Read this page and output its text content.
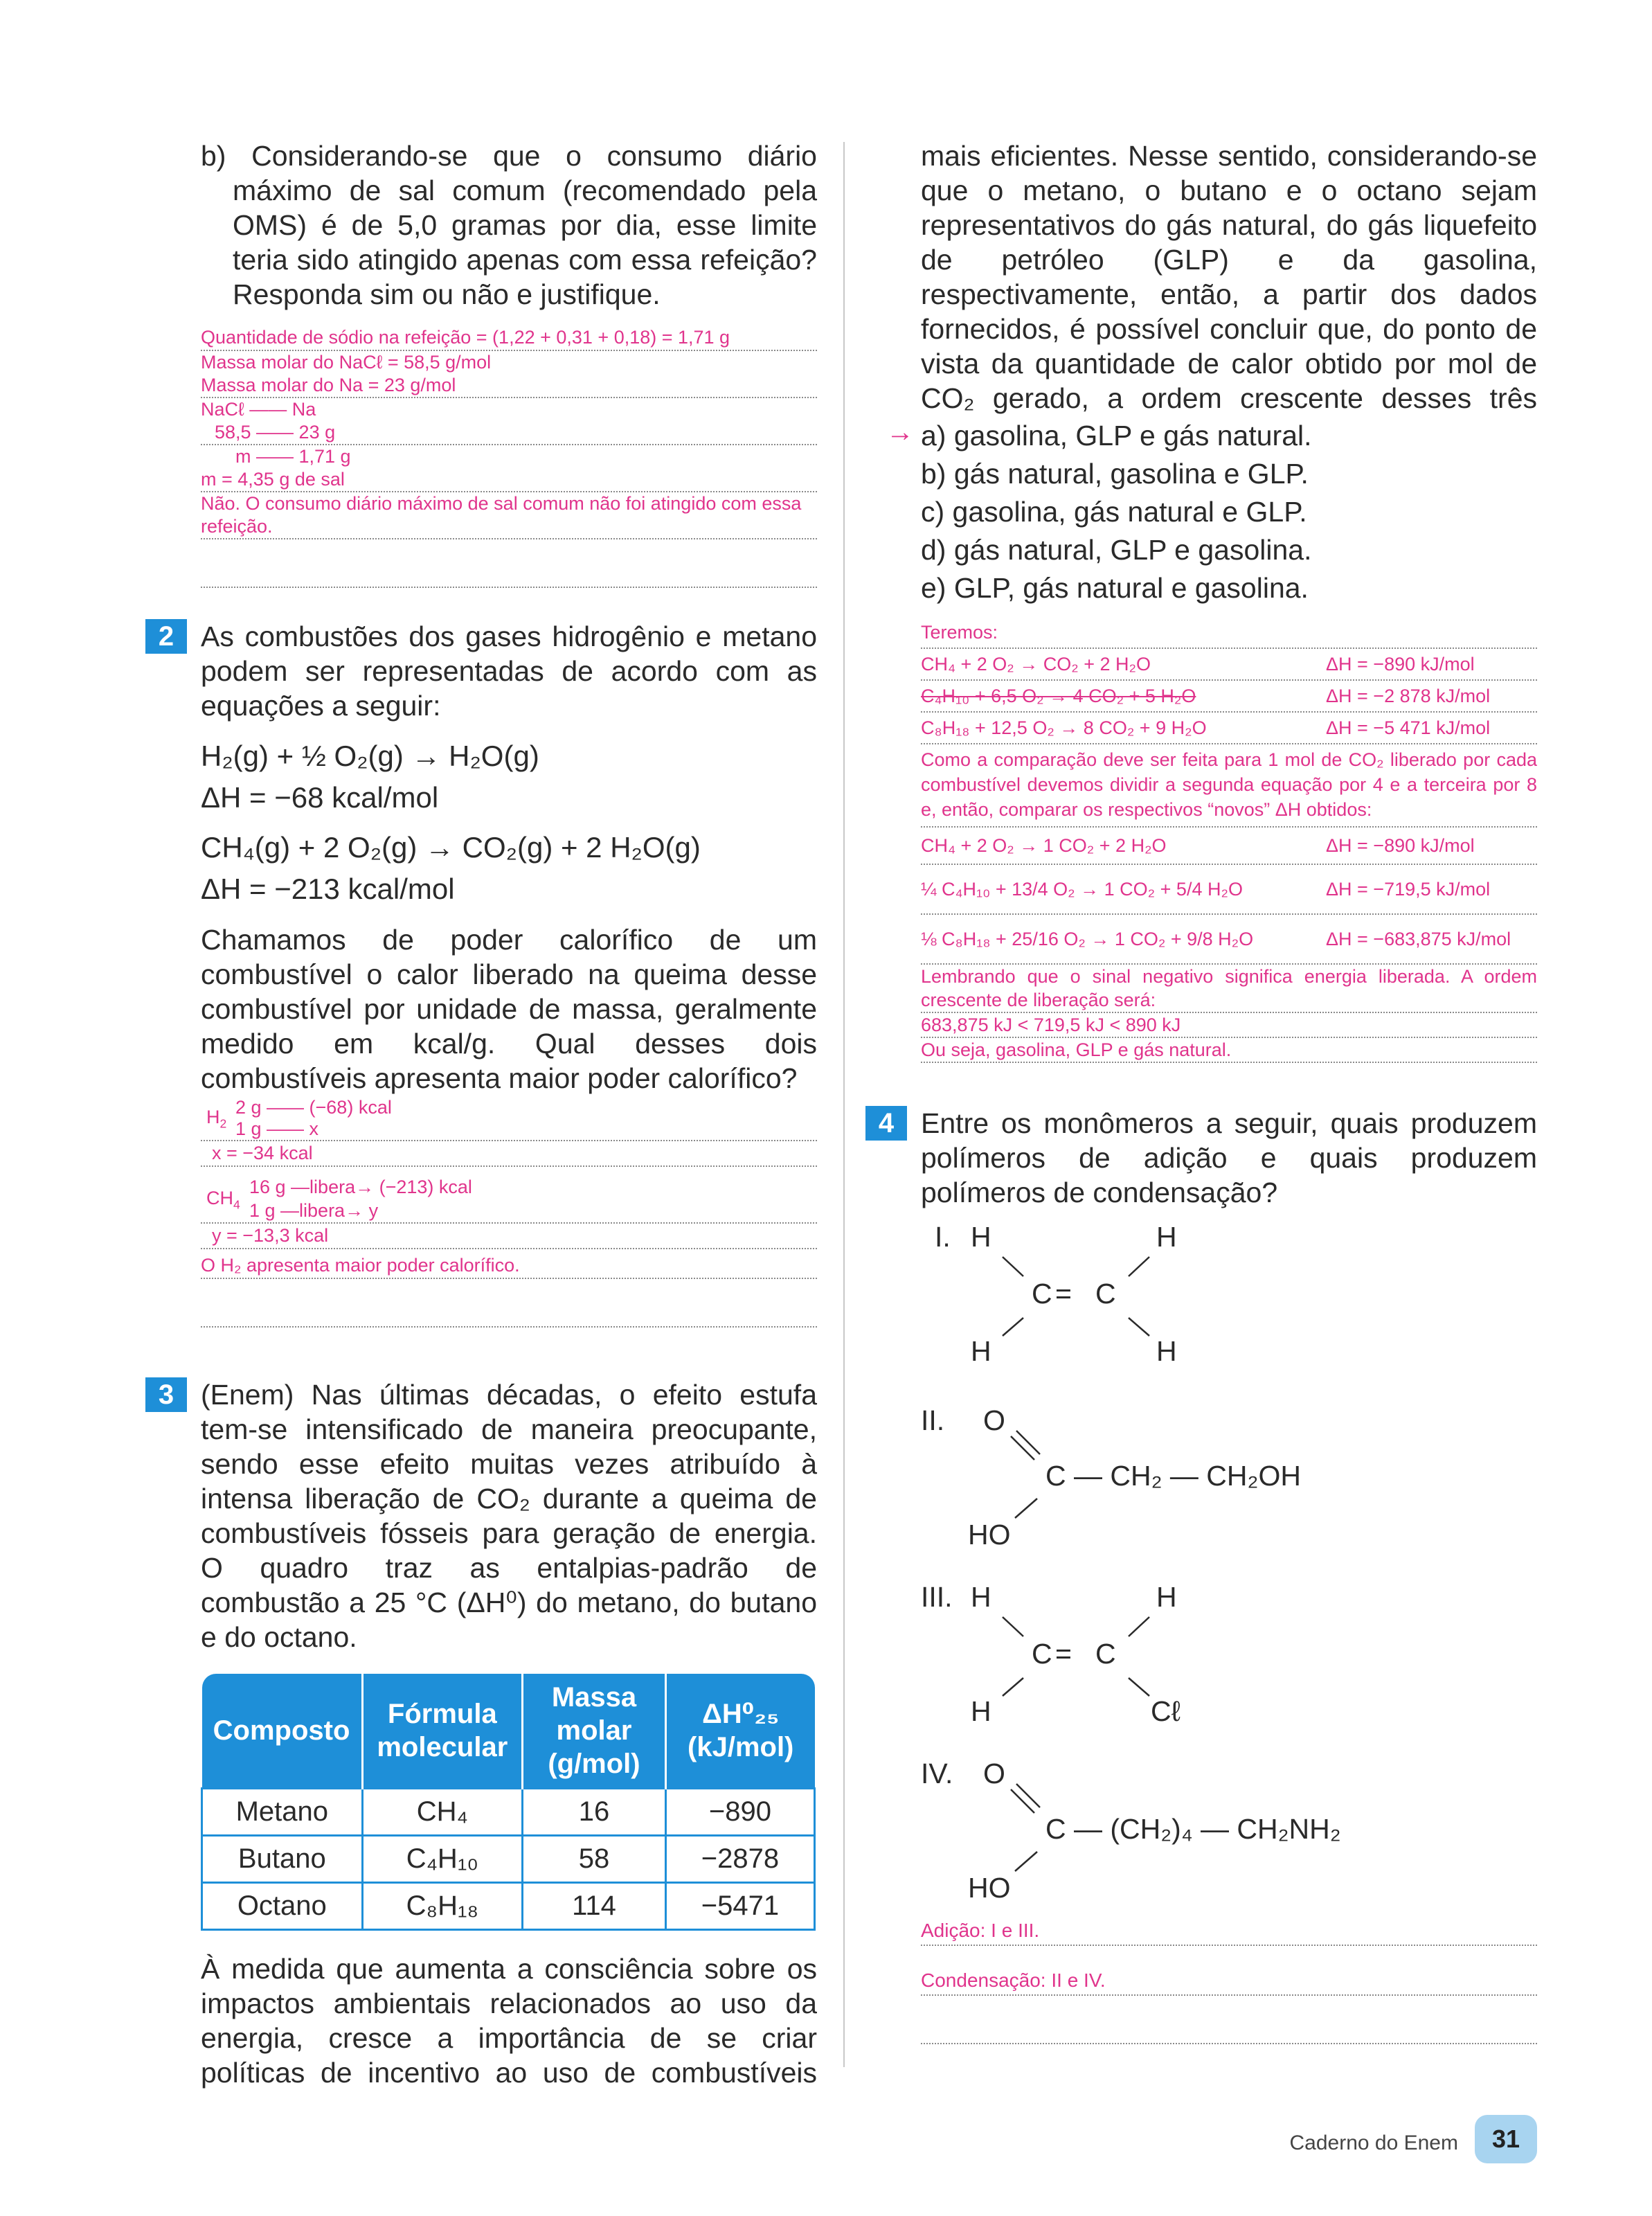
b) Considerando-se que o consumo diário máximo de sal comum (recomendado pela OMS) é de 5,0 gramas por dia, esse limite teria sido atingido apenas com essa refeição? Responda sim ou não e justifique.

Quantidade de sódio na refeição = (1,22 + 0,31 + 0,18) = 1,71 g
Massa molar do NaCℓ = 58,5 g/mol
Massa molar do Na = 23 g/mol
NaCℓ —— Na
58,5 —— 23 g
m —— 1,71 g
m = 4,35 g de sal
Não. O consumo diário máximo de sal comum não foi atingido com essa refeição.
2 As combustões dos gases hidrogênio e metano podem ser representadas de acordo com as equações a seguir:
H₂(g) + ½ O₂(g) → H₂O(g)
ΔH = −68 kcal/mol
CH₄(g) + 2 O₂(g) → CO₂(g) + 2 H₂O(g)
ΔH = −213 kcal/mol
Chamamos de poder calorífico de um combustível o calor liberado na queima desse combustível por unidade de massa, geralmente medido em kcal/g. Qual desses dois combustíveis apresenta maior poder calorífico?
$H_2$
2 g —— (−68) kcal
1 g —— x
x = −34 kcal
$CH_4$
16 g —libera→ (−213) kcal
1 g —libera→ y
y = −13,3 kcal
O H₂ apresenta maior poder calorífico.
3 (Enem) Nas últimas décadas, o efeito estufa tem-se intensificado de maneira preocupante, sendo esse efeito muitas vezes atribuído à intensa liberação de CO₂ durante a queima de combustíveis fósseis para geração de energia. O quadro traz as entalpias-padrão de combustão a 25 °C (ΔH⁰) do metano, do butano e do octano.
Composto	Fórmula molecular	Massa molar (g/mol)	ΔH⁰₂₅ (kJ/mol)
Metano	CH₄	16	−890
Butano	C₄H₁₀	58	−2878
Octano	C₈H₁₈	114	−5471

À medida que aumenta a consciência sobre os impactos ambientais relacionados ao uso da energia, cresce a importância de se criar políticas de incentivo ao uso de combustíveis

mais eficientes. Nesse sentido, considerando-se que o metano, o butano e o octano sejam representativos do gás natural, do gás liquefeito de petróleo (GLP) e da gasolina, respectivamente, então, a partir dos dados fornecidos, é possível concluir que, do ponto de vista da quantidade de calor obtido por mol de CO₂ gerado, a ordem crescente desses três

→ a) gasolina, GLP e gás natural.
b) gás natural, gasolina e GLP.
c) gasolina, gás natural e GLP.
d) gás natural, GLP e gasolina.
e) GLP, gás natural e gasolina.
Teremos:
CH₄ + 2 O₂ → CO₂ + 2 H₂O	ΔH = −890 kJ/mol
C₄H₁₀ + 6,5 O₂ → 4 CO₂ + 5 H₂O	ΔH = −2 878 kJ/mol
C₈H₁₈ + 12,5 O₂ → 8 CO₂ + 9 H₂O	ΔH = −5 471 kJ/mol
Como a comparação deve ser feita para 1 mol de CO₂ liberado por cada combustível devemos dividir a segunda equação por 4 e a terceira por 8 e, então, comparar os respectivos “novos” ΔH obtidos:
CH₄ + 2 O₂ → 1 CO₂ + 2 H₂O	ΔH = −890 kJ/mol
¼ C₄H₁₀ + 13/4 O₂ → 1 CO₂ + 5/4 H₂O	ΔH = −719,5 kJ/mol
⅛ C₈H₁₈ + 25/16 O₂ → 1 CO₂ + 9/8 H₂O	ΔH = −683,875 kJ/mol
Lembrando que o sinal negativo significa energia liberada. A ordem crescente de liberação será:
683,875 kJ < 719,5 kJ < 890 kJ
Ou seja, gasolina, GLP e gás natural.
4 Entre os monômeros a seguir, quais produzem polímeros de adição e quais produzem polímeros de condensação?
I. H	H
H	H
C = C
II. O
C — CH₂ — CH₂OH
HO
III. H	H
H	Cℓ
C = C
IV. O
C — (CH₂)₄ — CH₂NH₂
HO
Adição: I e III.
Condensação: II e IV.
Caderno do Enem	31
